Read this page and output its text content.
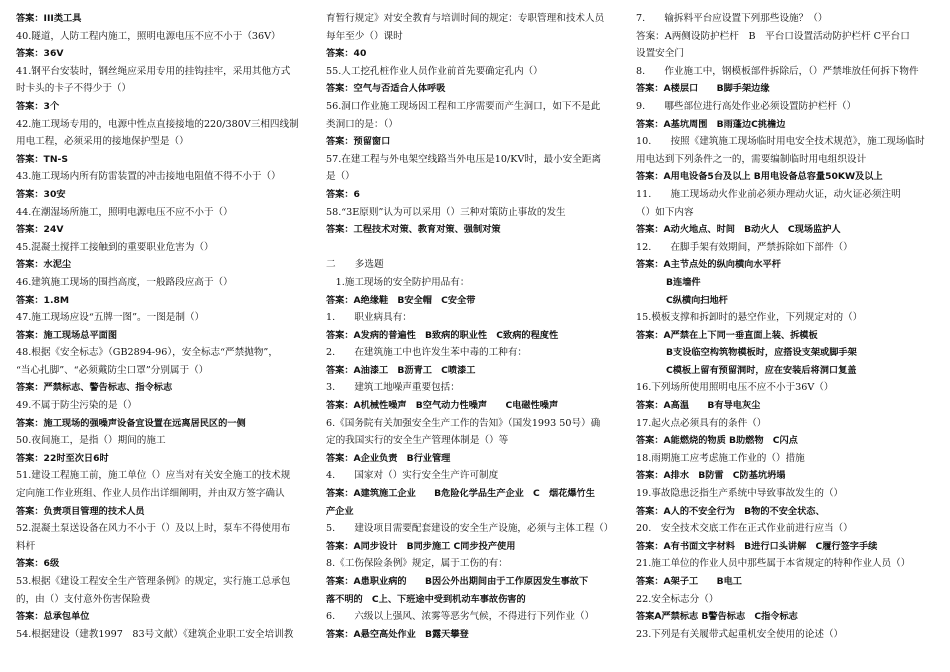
答案：III类工具
40.隧道，人防工程内施工，照明电源电压不应不小于（36V）
答案：36V
41.钢平台安装时，钢丝绳应采用专用的挂钩挂牢，采用其他方式
时卡头的卡子不得少于（）
答案：3个
42.施工现场专用的，电源中性点直接接地的220/380V三相四线制
用电工程，必须采用的接地保护型是（）
答案：TN-S
43.施工现场内所有防雷装置的冲击接地电阻值不得不小于（）
答案：30安
44.在潮湿场所施工，照明电源电压不应不小于（）
答案：24V
45.混凝土搅拌工接触到的重要职业危害为（）
答案：水泥尘
46.建筑施工现场的围挡高度，一般路段应高于（）
答案：1.8M
47.施工现场应设“五牌一图”。一图是制（）
答案：施工现场总平面图
48.根据《安全标志》（GB2894-96），安全标志“严禁抛物”，
“当心扎脚”、“必须戴防尘口罩”分别属于（）
答案：严禁标志、警告标志、指令标志
49.不属于防尘污染的是（）
答案：施工现场的强噪声设备宜设置在远离居民区的一侧
50.夜间施工，是指（）期间的施工
答案：22时至次日6时
51.建设工程施工前，施工单位（）应当对有关安全施工的技术规
定向施工作业班组、作业人员作出详细阐明，并由双方签字确认
答案：负责项目管理的技术人员
52.混凝土泵送设备在风力不小于（）及以上时，泵车不得使用布
料杆
答案：6级
53.根据《建设工程安全生产管理条例》的规定，实行施工总承包
的，由（）支付意外伤害保险费
答案：总承包单位
54.根据建设（建教1997　83号文献）《建筑企业职工安全培训教
育暂行规定》对安全教育与培训时间的规定：专职管理和技术人员
每年至少（）课时
答案：40
55.人工挖孔桩作业人员作业前首先要确定孔内（）
答案：空气与否适合人体呼吸
56.洞口作业施工现场因工程和工序需要而产生洞口，如下不是此
类洞口的是：（）
答案：预留窗口
57.在建工程与外电架空线路当外电压是10/KV时，最小安全距离
是（）
答案：6
58.“3E原则”认为可以采用（）三种对策防止事故的发生
答案：工程技术对策、教育对策、强制对策
二　　多选题
　1.施工现场的安全防护用品有：
答案：A绝缘鞋　B安全帽　C安全带
1.　　职业病具有：
答案：A发病的普遍性　B致病的职业性　C致病的程度性
2.　　在建筑施工中也许发生苯中毒的工种有：
答案：A油漆工　B沥青工　C喷漆工
3.　　建筑工地噪声重要包括：
答案：A机械性噪声　B空气动力性噪声　　C电磁性噪声
6.《国务院有关加强安全生产工作的告知》（国发1993 50号）确
定的我国实行的安全生产管理体制是（）等
答案：A企业负责　B行业管理
4.　　国家对（）实行安全生产许可制度
答案：A建筑施工企业　　B危险化学品生产企业　C　烟花爆竹生
产企业
5.　　建设项目需要配套建设的安全生产设施，必须与主体工程（）
答案：A同步设计　B同步施工 C同步投产使用
8.《工伤保险条例》规定，属于工伤的有：
答案：A患职业病的　　B因公外出期间由于工作原因发生事故下
落不明的　C上、下班途中受到机动车事故伤害的
6.　　六级以上强风、浓雾等恶劣气候，不得进行下列作业（）
答案：A悬空高处作业　B露天攀登
7.　　输拆料平台应设置下列那些设施？（）
答案：A两侧设防护栏杆　B　平台口设置活动防护栏杆 C平台口
设置安全门
8.　　作业施工中，钢模板部件拆除后，（）严禁堆放任何拆下物件
答案：A楼层口　　B脚手架边缘
9.　　哪些部位进行高处作业必须设置防护栏杆（）
答案：A基坑周围　B雨蓬边C挑檐边
10.　　按照《建筑施工现场临时用电安全技术规范》，施工现场临时
用电达到下列条件之一的，需要编制临时用电组织设计
答案：A用电设备5台及以上 B用电设备总容量50KW及以上
11.　　施工现场动火作业前必须办理动火证，动火证必须注明
（）如下内容
答案：A动火地点、时间　B动火人　C现场监护人
12.　　在脚手架有效期间，严禁拆除如下部件（）
答案：A主节点处的纵向横向水平杆
B连墙件
C纵横向扫地杆
15.模板支撑和拆卸时的悬空作业，下列规定对的（）
答案：A严禁在上下同一垂直面上装、拆模板
B支设临空构筑物模板时，应搭设支架或脚手架
C模板上留有预留洞时，应在安装后将洞口复盖
16.下列场所使用照明电压不应不小于36V（）
答案：A高温　　B有导电灰尘
17.起火点必须具有的条件（）
答案：A能燃烧的物质 B助燃物　C闪点
18.雨期施工应考虑施工作业的（）措施
答案：A排水　B防雷　C防基坑坍塌
19.事故隐患泛指生产系统中导致事故发生的（）
答案：A人的不安全行为　B物的不安全状态、
20.　安全技术交底工作在正式作业前进行应当（）
答案：A有书面文字材料　B进行口头讲解　C履行签字手续
21.施工单位的作业人员中那些属于本省规定的特种作业人员（）
答案：A架子工　　B电工
22.安全标志分（）
答案A严禁标志 B警告标志　C指令标志
23.下列是有关履带式起重机安全使用的论述（）
